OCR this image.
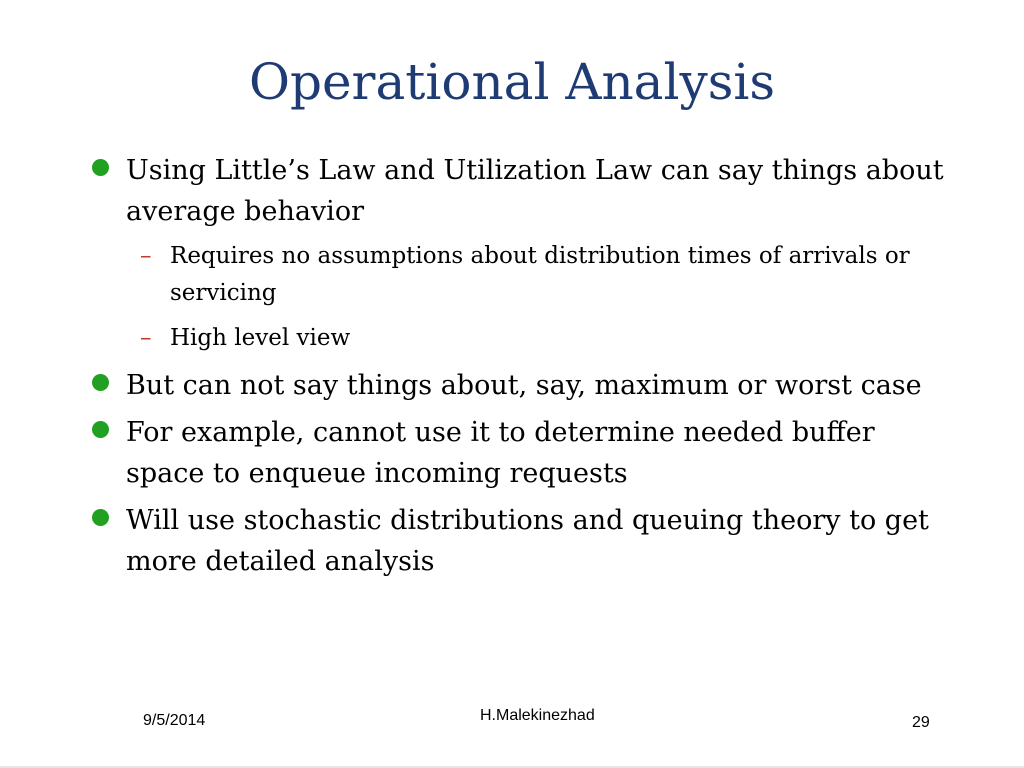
Operational Analysis
Using Little’s Law and Utilization Law can say things about average behavior
– Requires no assumptions about distribution times of arrivals or servicing
– High level view
But can not say things about, say, maximum or worst case
For example, cannot use it to determine needed buffer space to enqueue incoming requests
Will use stochastic distributions and queuing theory to get more detailed analysis
9/5/2014	H.Malekinezhad	29
